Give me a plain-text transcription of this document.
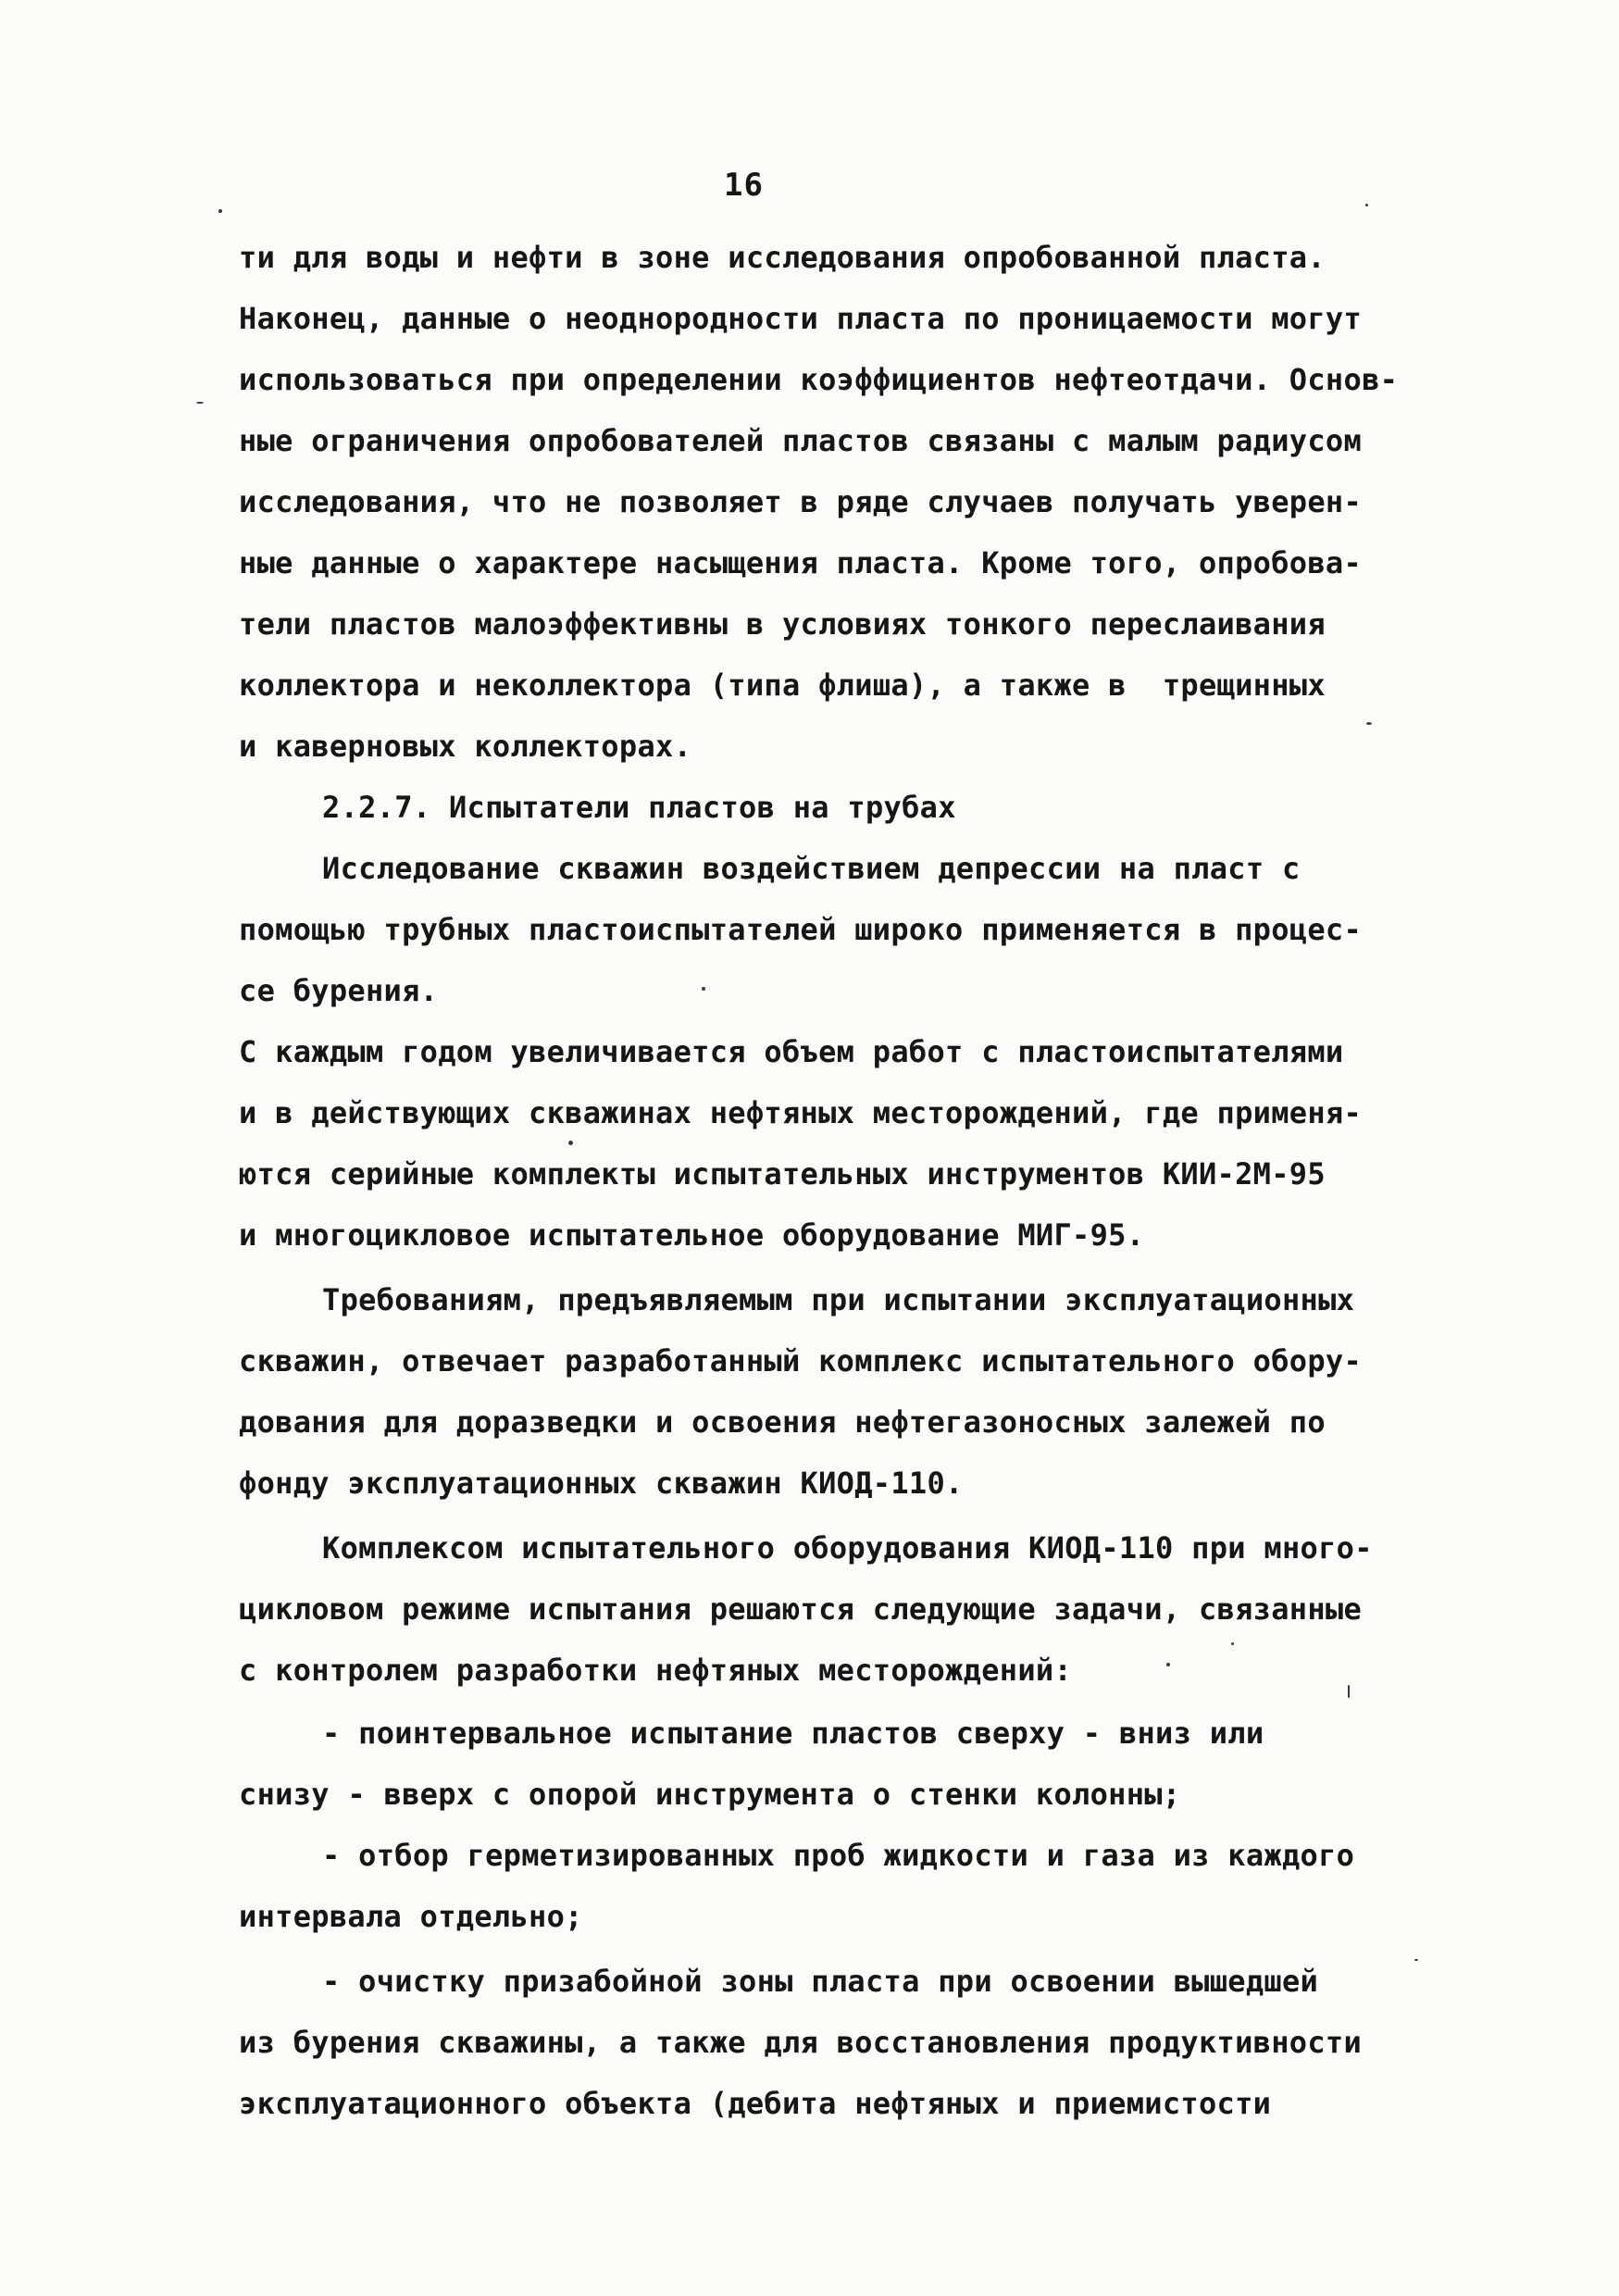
16
ти для воды и нефти в зоне исследования опробованной пласта.
Наконец, данные о неоднородности пласта по проницаемости могут
использоваться при определении коэффициентов нефтеотдачи. Основ-
ные ограничения опробователей пластов связаны с малым радиусом
исследования, что не позволяет в ряде случаев получать уверен-
ные данные о характере насыщения пласта. Кроме того, опробова-
тели пластов малоэффективны в условиях тонкого переслаивания
коллектора и неколлектора (типа флиша), а также в  трещинных
и каверновых коллекторах.
2.2.7. Испытатели пластов на трубах
Исследование скважин воздействием депрессии на пласт с
помощью трубных пластоиспытателей широко применяется в процес-
се бурения.
С каждым годом увеличивается объем работ с пластоиспытателями
и в действующих скважинах нефтяных месторождений, где применя-
ются серийные комплекты испытательных инструментов КИИ-2М-95
и многоцикловое испытательное оборудование МИГ-95.
Требованиям, предъявляемым при испытании эксплуатационных
скважин, отвечает разработанный комплекс испытательного обору-
дования для доразведки и освоения нефтегазоносных залежей по
фонду эксплуатационных скважин КИОД-110.
Комплексом испытательного оборудования КИОД-110 при много-
цикловом режиме испытания решаются следующие задачи, связанные
с контролем разработки нефтяных месторождений:
- поинтервальное испытание пластов сверху - вниз или
снизу - вверх с опорой инструмента о стенки колонны;
- отбор герметизированных проб жидкости и газа из каждого
интервала отдельно;
- очистку призабойной зоны пласта при освоении вышедшей
из бурения скважины, а также для восстановления продуктивности
эксплуатационного объекта (дебита нефтяных и приемистости
